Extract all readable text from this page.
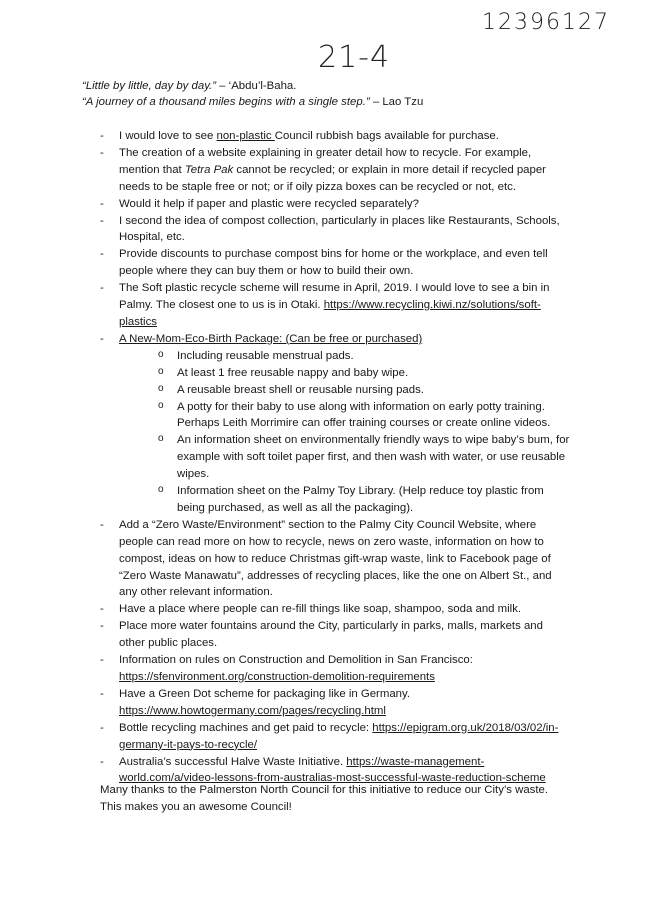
12396127
21-4
“Little by little, day by day.” – ‘Abdu’l-Baha.
“A journey of a thousand miles begins with a single step.” – Lao Tzu
- I would love to see non-plastic Council rubbish bags available for purchase.
- The creation of a website explaining in greater detail how to recycle. For example, mention that Tetra Pak cannot be recycled; or explain in more detail if recycled paper needs to be staple free or not; or if oily pizza boxes can be recycled or not, etc.
- Would it help if paper and plastic were recycled separately?
- I second the idea of compost collection, particularly in places like Restaurants, Schools, Hospital, etc.
- Provide discounts to purchase compost bins for home or the workplace, and even tell people where they can buy them or how to build their own.
- The Soft plastic recycle scheme will resume in April, 2019. I would love to see a bin in Palmy. The closest one to us is in Otaki. https://www.recycling.kiwi.nz/solutions/soft-plastics
- A New-Mom-Eco-Birth Package: (Can be free or purchased)
o Including reusable menstrual pads.
o At least 1 free reusable nappy and baby wipe.
o A reusable breast shell or reusable nursing pads.
o A potty for their baby to use along with information on early potty training. Perhaps Leith Morrimire can offer training courses or create online videos.
o An information sheet on environmentally friendly ways to wipe baby’s bum, for example with soft toilet paper first, and then wash with water, or use reusable wipes.
o Information sheet on the Palmy Toy Library. (Help reduce toy plastic from being purchased, as well as all the packaging).
- Add a “Zero Waste/Environment” section to the Palmy City Council Website, where people can read more on how to recycle, news on zero waste, information on how to compost, ideas on how to reduce Christmas gift-wrap waste, link to Facebook page of “Zero Waste Manawatu”, addresses of recycling places, like the one on Albert St., and any other relevant information.
- Have a place where people can re-fill things like soap, shampoo, soda and milk.
- Place more water fountains around the City, particularly in parks, malls, markets and other public places.
- Information on rules on Construction and Demolition in San Francisco: https://sfenvironment.org/construction-demolition-requirements
- Have a Green Dot scheme for packaging like in Germany. https://www.howtogermany.com/pages/recycling.html
- Bottle recycling machines and get paid to recycle: https://epigram.org.uk/2018/03/02/in-germany-it-pays-to-recycle/
- Australia’s successful Halve Waste Initiative. https://waste-management-world.com/a/video-lessons-from-australias-most-successful-waste-reduction-scheme
Many thanks to the Palmerston North Council for this initiative to reduce our City’s waste. This makes you an awesome Council!
